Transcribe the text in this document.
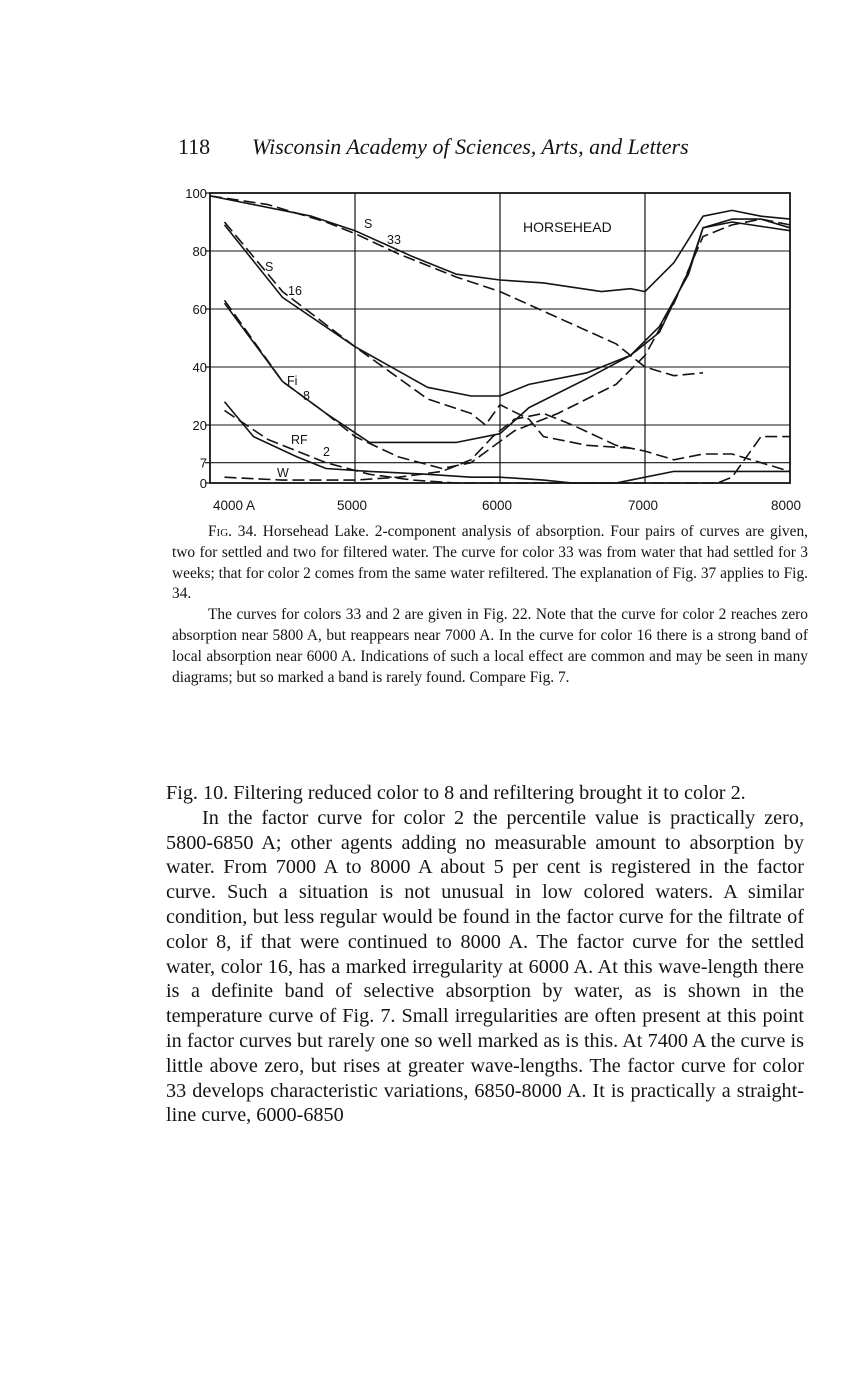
118 Wisconsin Academy of Sciences, Arts, and Letters
4000 A	5000	6000	7000	8000
100
80
60
40
20
7
0
S
33
S
16
Fi
8
RF
2
W
HORSEHEAD

Fig. 34. Horsehead Lake. 2-component analysis of absorption. Four pairs of curves are given, two for settled and two for filtered water. The curve for color 33 was from water that had settled for 3 weeks; that for color 2 comes from the same water refiltered. The explanation of Fig. 37 applies to Fig. 34.

The curves for colors 33 and 2 are given in Fig. 22. Note that the curve for color 2 reaches zero absorption near 5800 A, but reappears near 7000 A. In the curve for color 16 there is a strong band of local absorption near 6000 A. Indications of such a local effect are common and may be seen in many diagrams; but so marked a band is rarely found. Compare Fig. 7.

Fig. 10. Filtering reduced color to 8 and refiltering brought it to color 2.

In the factor curve for color 2 the percentile value is practically zero, 5800-6850 A; other agents adding no measurable amount to absorption by water. From 7000 A to 8000 A about 5 per cent is registered in the factor curve. Such a situation is not unusual in low colored waters. A similar condition, but less regular would be found in the factor curve for the filtrate of color 8, if that were continued to 8000 A. The factor curve for the settled water, color 16, has a marked irregularity at 6000 A. At this wave-length there is a definite band of selective absorption by water, as is shown in the temperature curve of Fig. 7. Small irregularities are often present at this point in factor curves but rarely one so well marked as is this. At 7400 A the curve is little above zero, but rises at greater wave-lengths. The factor curve for color 33 develops characteristic variations, 6850-8000 A. It is practically a straight-line curve, 6000-6850
